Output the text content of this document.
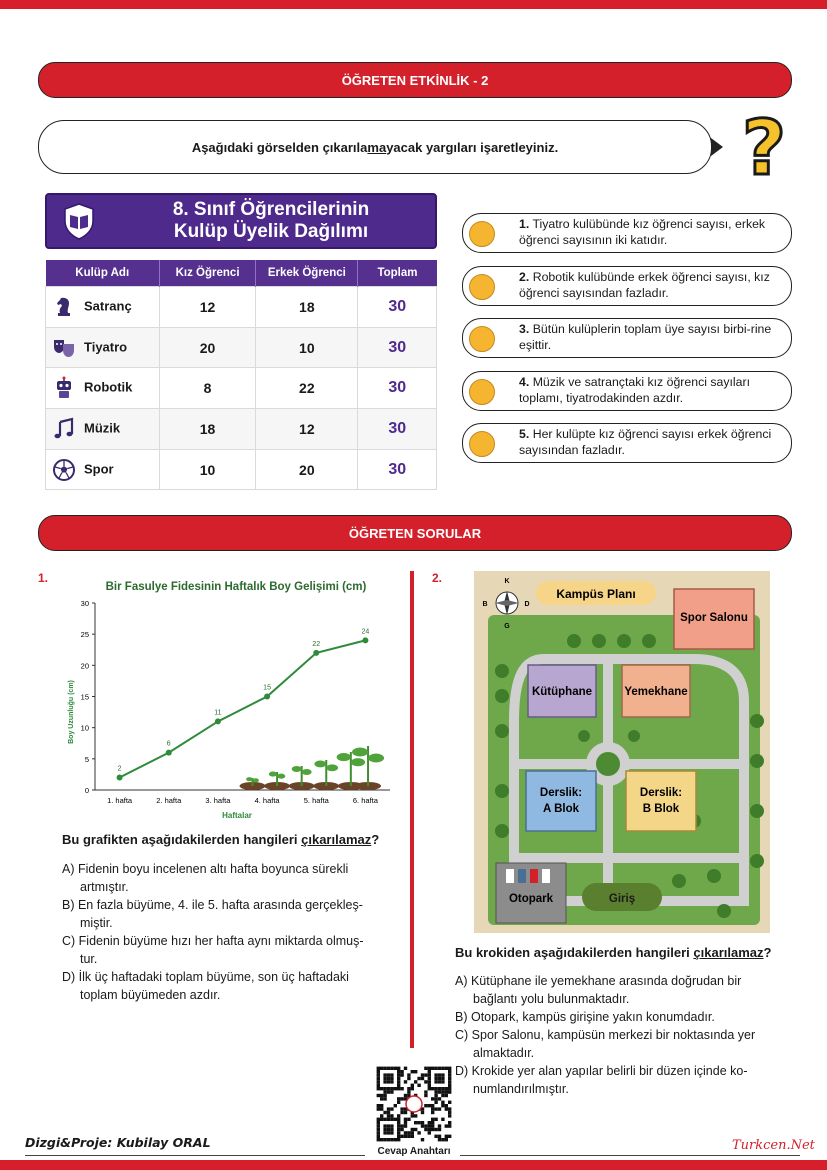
ÖĞRETEN ETKİNLİK - 2
Aşağıdaki görselden çıkarılamayacak yargıları işaretleyiniz. ?
8. Sınıf Öğrencilerinin
Kulüp Üyelik Dağılımı
Kulüp Adı	Kız Öğrenci	Erkek Öğrenci	Toplam
Satranç	12	18	30
Tiyatro	20	10	30
Robotik	8	22	30
Müzik	18	12	30
Spor	10	20	30
1. Tiyatro kulübünde kız öğrenci sayısı, erkek öğrenci sayısının iki katıdır.
2. Robotik kulübünde erkek öğrenci sayısı, kız öğrenci sayısından fazladır.
3. Bütün kulüplerin toplam üye sayısı birbi-rine eşittir.
4. Müzik ve satrançtaki kız öğrenci sayıları toplamı, tiyatrodakinden azdır.
5. Her kulüpte kız öğrenci sayısı erkek öğrenci sayısından fazladır.
ÖĞRETEN SORULAR
1.
Bir Fasulye Fidesinin Haftalık Boy Gelişimi (cm)
Boy Uzunluğu (cm)
Haftalar
0
5
10
15
20
25
30
1. hafta	2. hafta	3. hafta	4. hafta	5. hafta	6. hafta
2
6
11
15
22
24
Bu grafikten aşağıdakilerden hangileri çıkarılamaz?
A) Fidenin boyu incelenen altı hafta boyunca sürekli
artmıştır.
B) En fazla büyüme, 4. ile 5. hafta arasında gerçekleş-
miştir.
C) Fidenin büyüme hızı her hafta aynı miktarda olmuş-
tur.
D) İlk üç haftadaki toplam büyüme, son üç haftadaki
toplam büyümeden azdır.
2.
Kampüs Planı
K
G
B	D
Spor Salonu
Kütüphane	Yemekhane
Derslik:
A Blok
Derslik:
B Blok
Otopark	Giriş
Bu krokiden aşağıdakilerden hangileri çıkarılamaz?
A) Kütüphane ile yemekhane arasında doğrudan bir
bağlantı yolu bulunmaktadır.
B) Otopark, kampüs girişine yakın konumdadır.
C) Spor Salonu, kampüsün merkezi bir noktasında yer
almaktadır.
D) Krokide yer alan yapılar belirli bir düzen içinde ko-
numlandırılmıştır.
Cevap Anahtarı
Dizgi&Proje: Kubilay ORAL	Turkcen.Net
